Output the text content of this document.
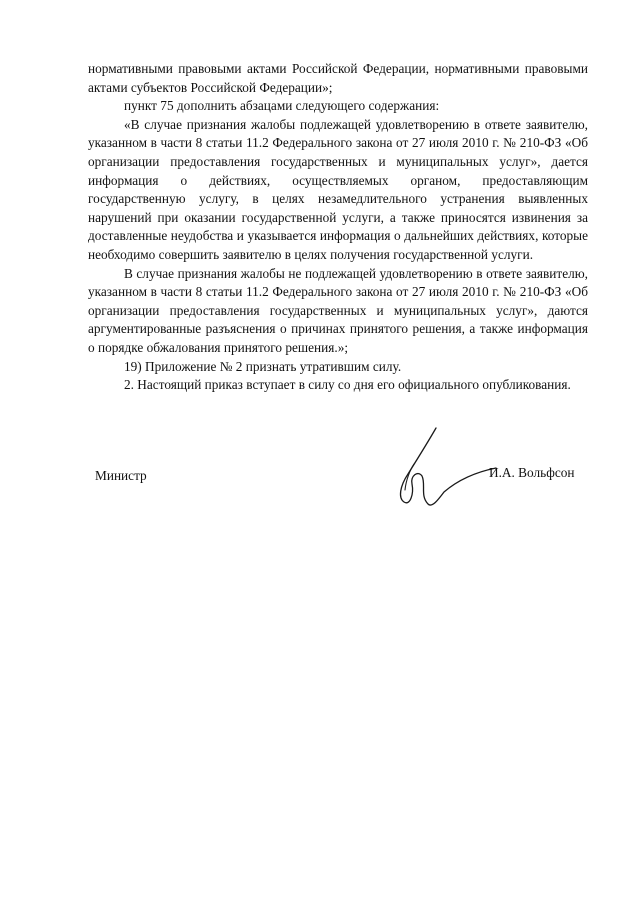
нормативными правовыми актами Российской Федерации, нормативными правовыми актами субъектов Российской Федерации»;

пункт 75 дополнить абзацами следующего содержания:

«В случае признания жалобы подлежащей удовлетворению в ответе заявителю, указанном в части 8 статьи 11.2 Федерального закона от 27 июля 2010 г. № 210-ФЗ «Об организации предоставления государственных и муниципальных услуг», дается информация о действиях, осуществляемых органом, предоставляющим государственную услугу, в целях незамедлительного устранения выявленных нарушений при оказании государственной услуги, а также приносятся извинения за доставленные неудобства и указывается информация о дальнейших действиях, которые необходимо совершить заявителю в целях получения государственной услуги.

В случае признания жалобы не подлежащей удовлетворению в ответе заявителю, указанном в части 8 статьи 11.2 Федерального закона от 27 июля 2010 г. № 210-ФЗ «Об организации предоставления государственных и муниципальных услуг», даются аргументированные разъяснения о причинах принятого решения, а также информация о порядке обжалования принятого решения.»;

19) Приложение № 2 признать утратившим силу.

2. Настоящий приказ вступает в силу со дня его официального опубликования.

Министр	И.А. Вольфсон
